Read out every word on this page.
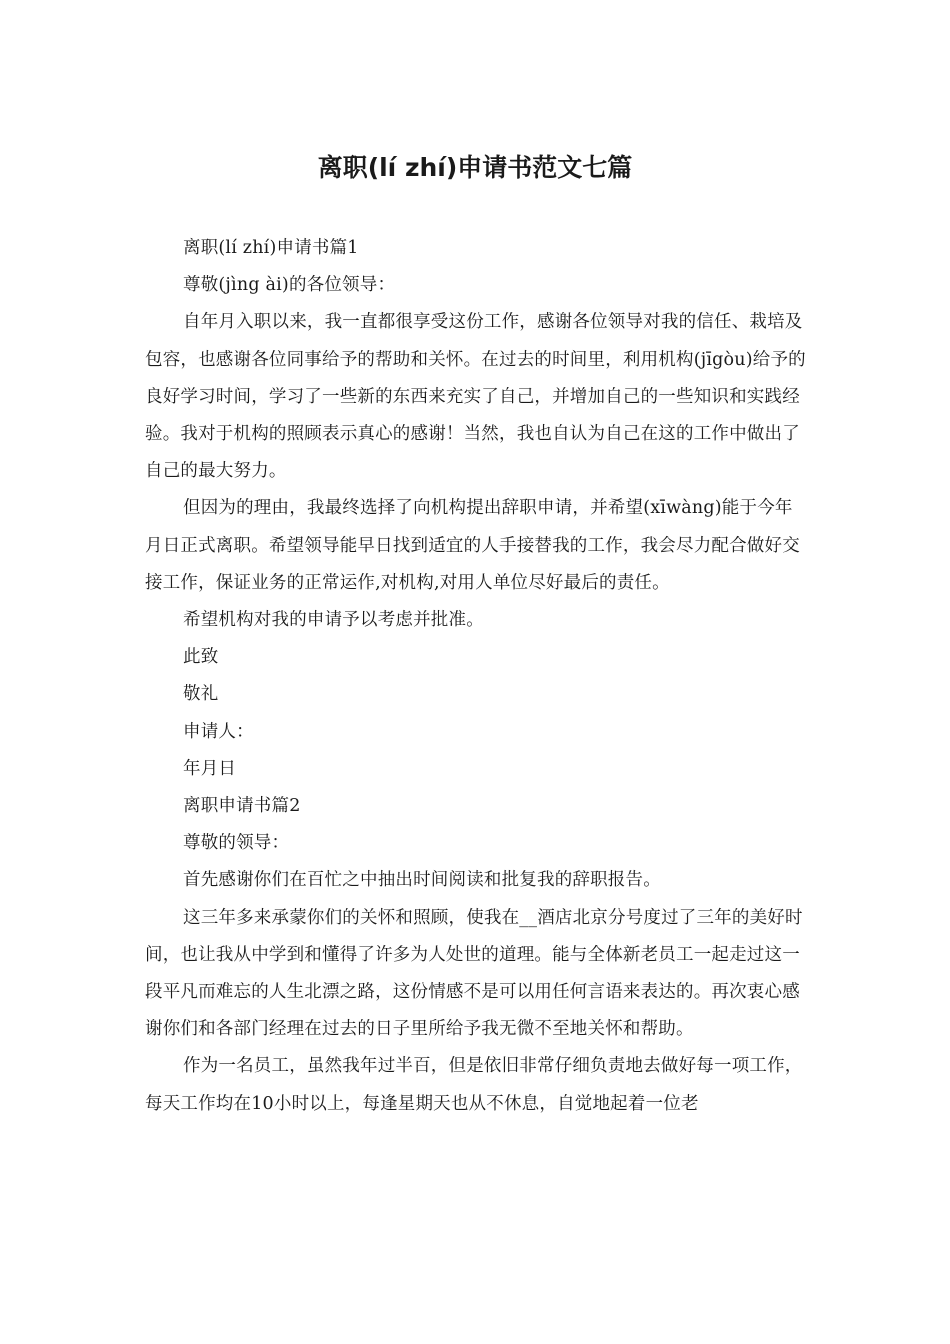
离职(lí zhí)申请书范文七篇

离职(lí zhí)申请书篇1

尊敬(jìng ài)的各位领导：

自年月入职以来，我一直都很享受这份工作，感谢各位领导对我的信任、栽培及包容，也感谢各位同事给予的帮助和关怀。在过去的时间里，利用机构(jīgòu)给予的良好学习时间，学习了一些新的东西来充实了自己，并增加自己的一些知识和实践经验。我对于机构的照顾表示真心的感谢！当然，我也自认为自己在这的工作中做出了自己的最大努力。

但因为的理由，我最终选择了向机构提出辞职申请，并希望(xīwàng)能于今年月日正式离职。希望领导能早日找到适宜的人手接替我的工作，我会尽力配合做好交接工作，保证业务的正常运作,对机构,对用人单位尽好最后的责任。

希望机构对我的申请予以考虑并批准。

此致

敬礼

申请人：

年月日

离职申请书篇2

尊敬的领导：

首先感谢你们在百忙之中抽出时间阅读和批复我的辞职报告。

这三年多来承蒙你们的关怀和照顾，使我在__酒店北京分号度过了三年的美好时间，也让我从中学到和懂得了许多为人处世的道理。能与全体新老员工一起走过这一段平凡而难忘的人生北漂之路，这份情感不是可以用任何言语来表达的。再次衷心感谢你们和各部门经理在过去的日子里所给予我无微不至地关怀和帮助。

作为一名员工，虽然我年过半百，但是依旧非常仔细负责地去做好每一项工作，每天工作均在10小时以上，每逢星期天也从不休息，自觉地起着一位老
